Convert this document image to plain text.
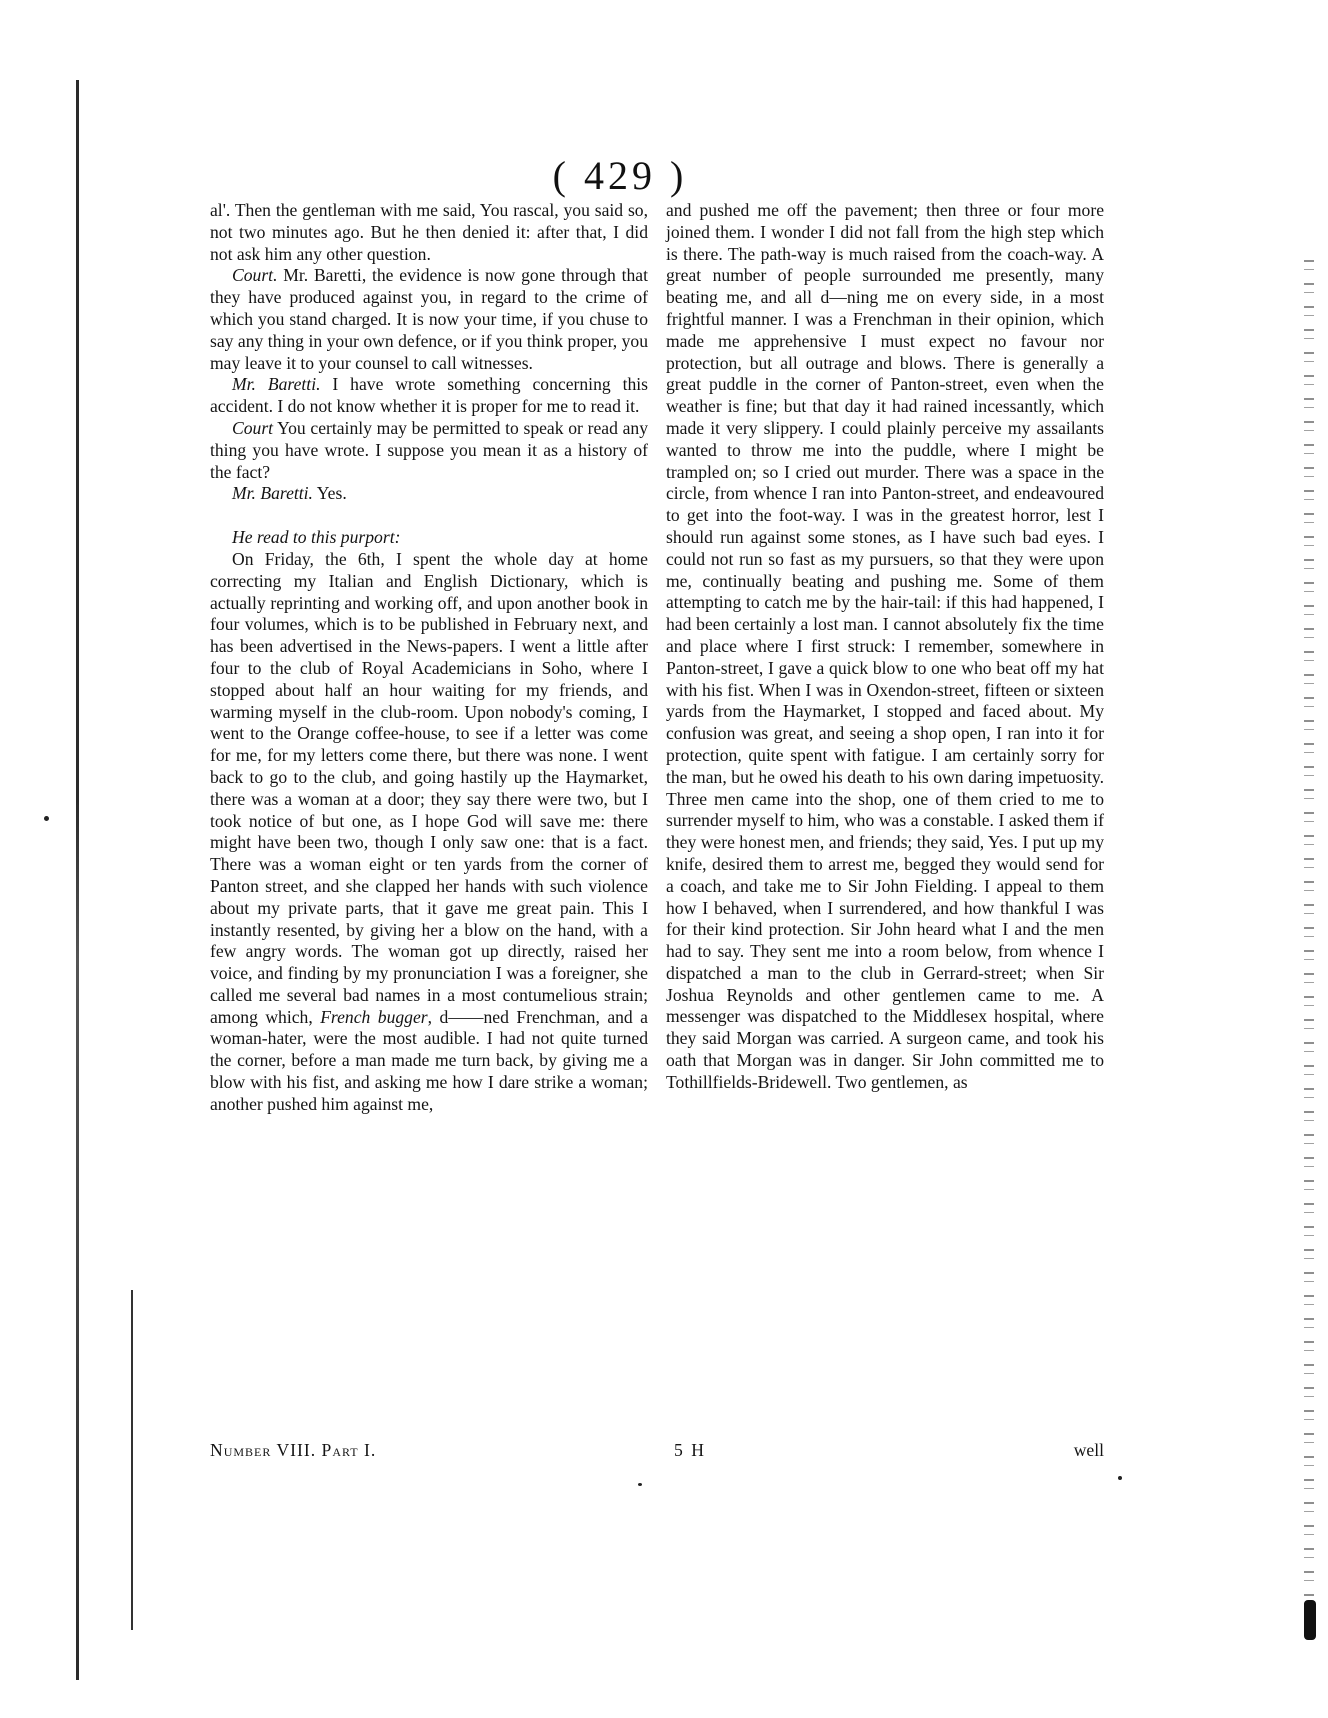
( 429 )

al'. Then the gentleman with me said, You rascal, you said so, not two minutes ago. But he then denied it: after that, I did not ask him any other question.

Court. Mr. Baretti, the evidence is now gone through that they have produced against you, in regard to the crime of which you stand charged. It is now your time, if you chuse to say any thing in your own defence, or if you think proper, you may leave it to your counsel to call witnesses.

Mr. Baretti. I have wrote something concerning this accident. I do not know whether it is proper for me to read it.

Court You certainly may be permitted to speak or read any thing you have wrote. I suppose you mean it as a history of the fact?

Mr. Baretti. Yes.

He read to this purport:

On Friday, the 6th, I spent the whole day at home correcting my Italian and English Dictionary, which is actually reprinting and working off, and upon another book in four volumes, which is to be published in February next, and has been advertised in the News-papers. I went a little after four to the club of Royal Academicians in Soho, where I stopped about half an hour waiting for my friends, and warming myself in the club-room. Upon nobody's coming, I went to the Orange coffee-house, to see if a letter was come for me, for my letters come there, but there was none. I went back to go to the club, and going hastily up the Haymarket, there was a woman at a door; they say there were two, but I took notice of but one, as I hope God will save me: there might have been two, though I only saw one: that is a fact. There was a woman eight or ten yards from the corner of Panton street, and she clapped her hands with such violence about my private parts, that it gave me great pain. This I instantly resented, by giving her a blow on the hand, with a few angry words. The woman got up directly, raised her voice, and finding by my pronunciation I was a foreigner, she called me several bad names in a most contumelious strain; among which, French bugger, d——ned Frenchman, and a woman-hater, were the most audible. I had not quite turned the corner, before a man made me turn back, by giving me a blow with his fist, and asking me how I dare strike a woman; another pushed him against me,

and pushed me off the pavement; then three or four more joined them. I wonder I did not fall from the high step which is there. The path-way is much raised from the coach-way. A great number of people surrounded me presently, many beating me, and all d—ning me on every side, in a most frightful manner. I was a Frenchman in their opinion, which made me apprehensive I must expect no favour nor protection, but all outrage and blows. There is generally a great puddle in the corner of Panton-street, even when the weather is fine; but that day it had rained incessantly, which made it very slippery. I could plainly perceive my assailants wanted to throw me into the puddle, where I might be trampled on; so I cried out murder. There was a space in the circle, from whence I ran into Panton-street, and endeavoured to get into the foot-way. I was in the greatest horror, lest I should run against some stones, as I have such bad eyes. I could not run so fast as my pursuers, so that they were upon me, continually beating and pushing me. Some of them attempting to catch me by the hair-tail: if this had happened, I had been certainly a lost man. I cannot absolutely fix the time and place where I first struck: I remember, somewhere in Panton-street, I gave a quick blow to one who beat off my hat with his fist. When I was in Oxendon-street, fifteen or sixteen yards from the Haymarket, I stopped and faced about. My confusion was great, and seeing a shop open, I ran into it for protection, quite spent with fatigue. I am certainly sorry for the man, but he owed his death to his own daring impetuosity. Three men came into the shop, one of them cried to me to surrender myself to him, who was a constable. I asked them if they were honest men, and friends; they said, Yes. I put up my knife, desired them to arrest me, begged they would send for a coach, and take me to Sir John Fielding. I appeal to them how I behaved, when I surrendered, and how thankful I was for their kind protection. Sir John heard what I and the men had to say. They sent me into a room below, from whence I dispatched a man to the club in Gerrard-street; when Sir Joshua Reynolds and other gentlemen came to me. A messenger was dispatched to the Middlesex hospital, where they said Morgan was carried. A surgeon came, and took his oath that Morgan was in danger. Sir John committed me to Tothillfields-Bridewell. Two gentlemen, as

Number VIII. Part I.	5 H	well
